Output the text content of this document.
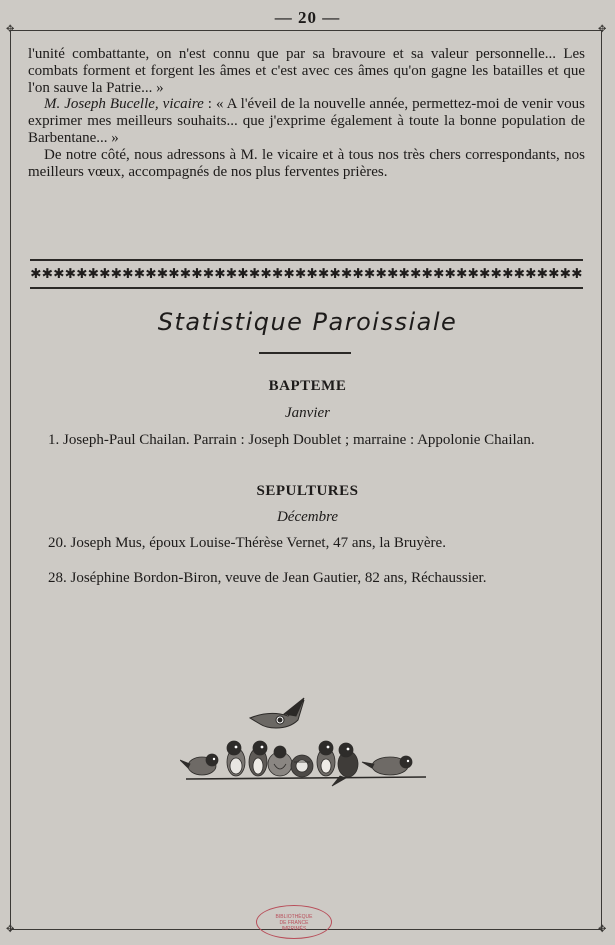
— 20 —
✥	✥
✥	✥

l'unité combattante, on n'est connu que par sa bravoure et sa valeur personnelle... Les combats forment et forgent les âmes et c'est avec ces âmes qu'on gagne les batailles et que l'on sauve la Patrie... »

M. Joseph Bucelle, vicaire : « A l'éveil de la nouvelle année, permettez-moi de venir vous exprimer mes meilleurs souhaits... que j'exprime également à toute la bonne population de Barbentane... »

De notre côté, nous adressons à M. le vicaire et à tous nos très chers correspondants, nos meilleurs vœux, accompagnés de nos plus ferventes prières.

✱✱✱✱✱✱✱✱✱✱✱✱✱✱✱✱✱✱✱✱✱✱✱✱✱✱✱✱✱✱✱✱✱✱✱✱✱✱✱✱✱✱✱✱✱✱✱✱
Statistique Paroissiale
BAPTEME
Janvier
1. Joseph-Paul Chailan. Parrain : Joseph Doublet ; marraine : Appolonie Chailan.
SEPULTURES
Décembre
20. Joseph Mus, époux Louise-Thérèse Vernet, 47 ans, la Bruyère.
28. Joséphine Bordon-Biron, veuve de Jean Gautier, 82 ans, Réchaussier.
BIBLIOTHÈQUE
DE FRANCE
IMPRIMÉS
